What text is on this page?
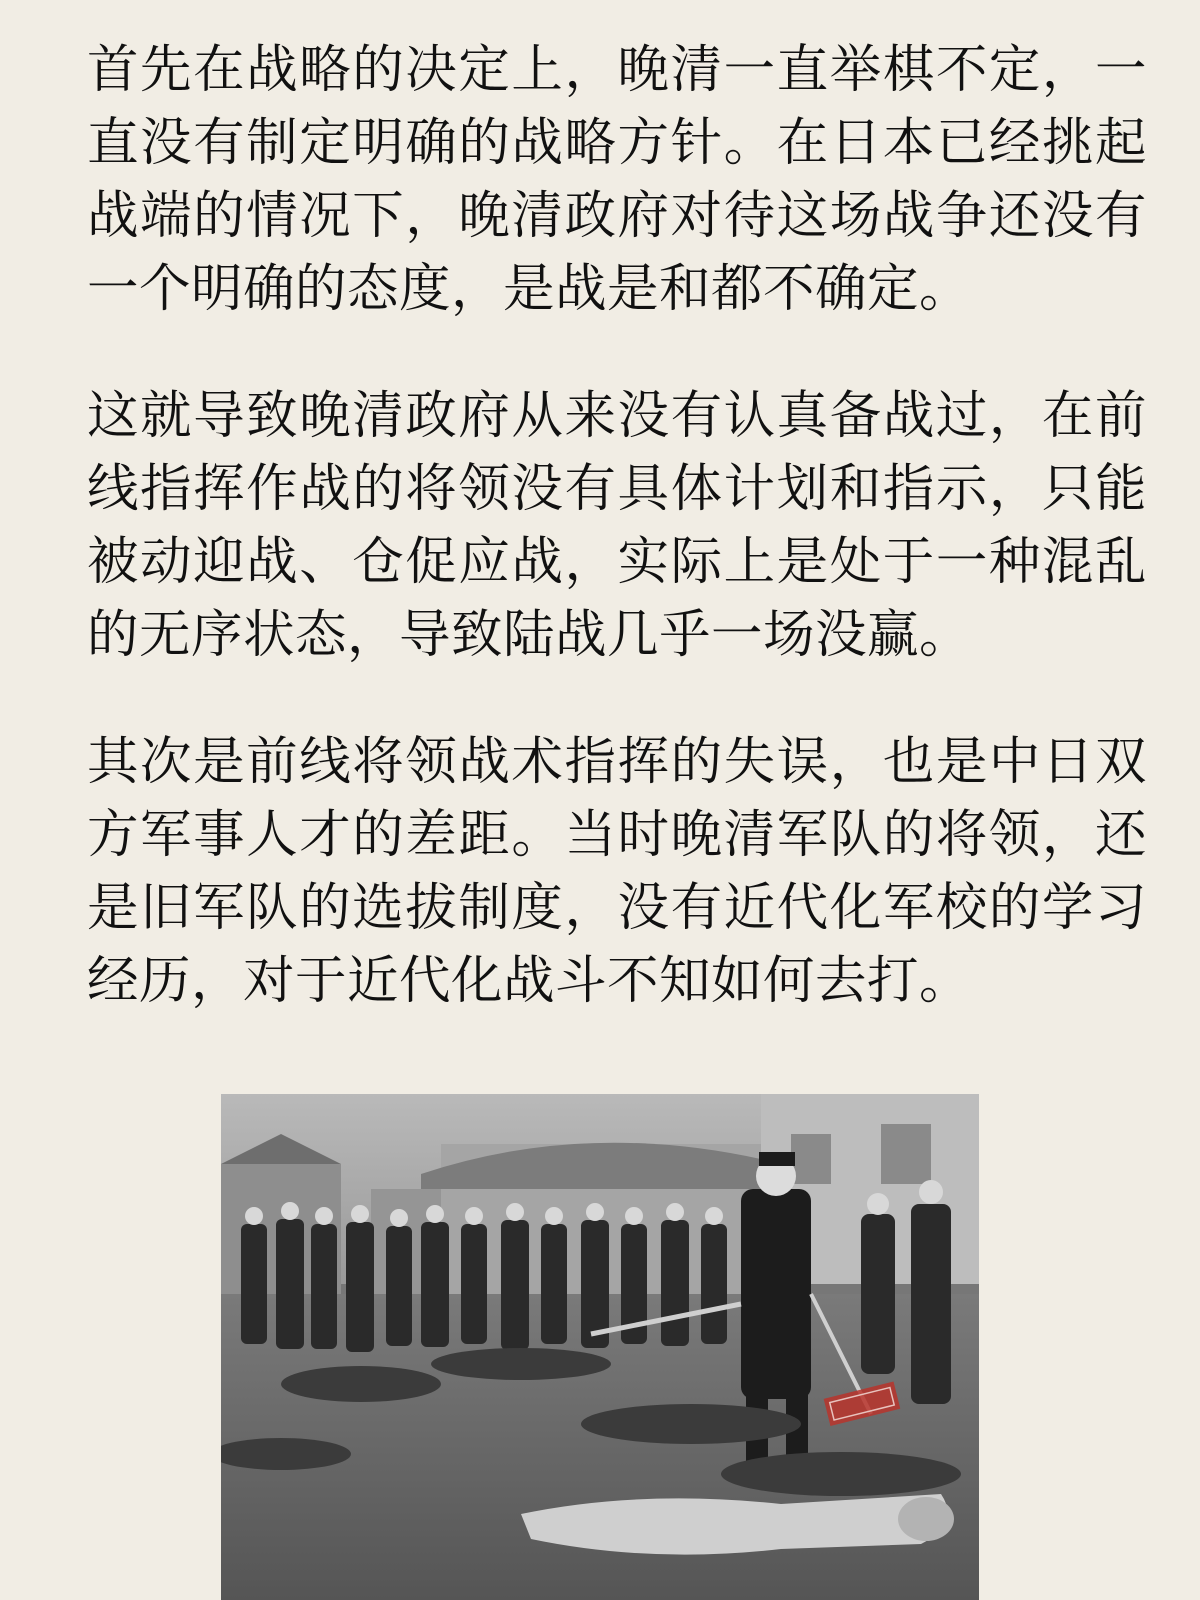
首先在战略的决定上，晚清一直举棋不定，一直没有制定明确的战略方针。在日本已经挑起战端的情况下，晚清政府对待这场战争还没有一个明确的态度，是战是和都不确定。

这就导致晚清政府从来没有认真备战过，在前线指挥作战的将领没有具体计划和指示，只能被动迎战、仓促应战，实际上是处于一种混乱的无序状态，导致陆战几乎一场没赢。

其次是前线将领战术指挥的失误，也是中日双方军事人才的差距。当时晚清军队的将领，还是旧军队的选拔制度，没有近代化军校的学习经历，对于近代化战斗不知如何去打。
